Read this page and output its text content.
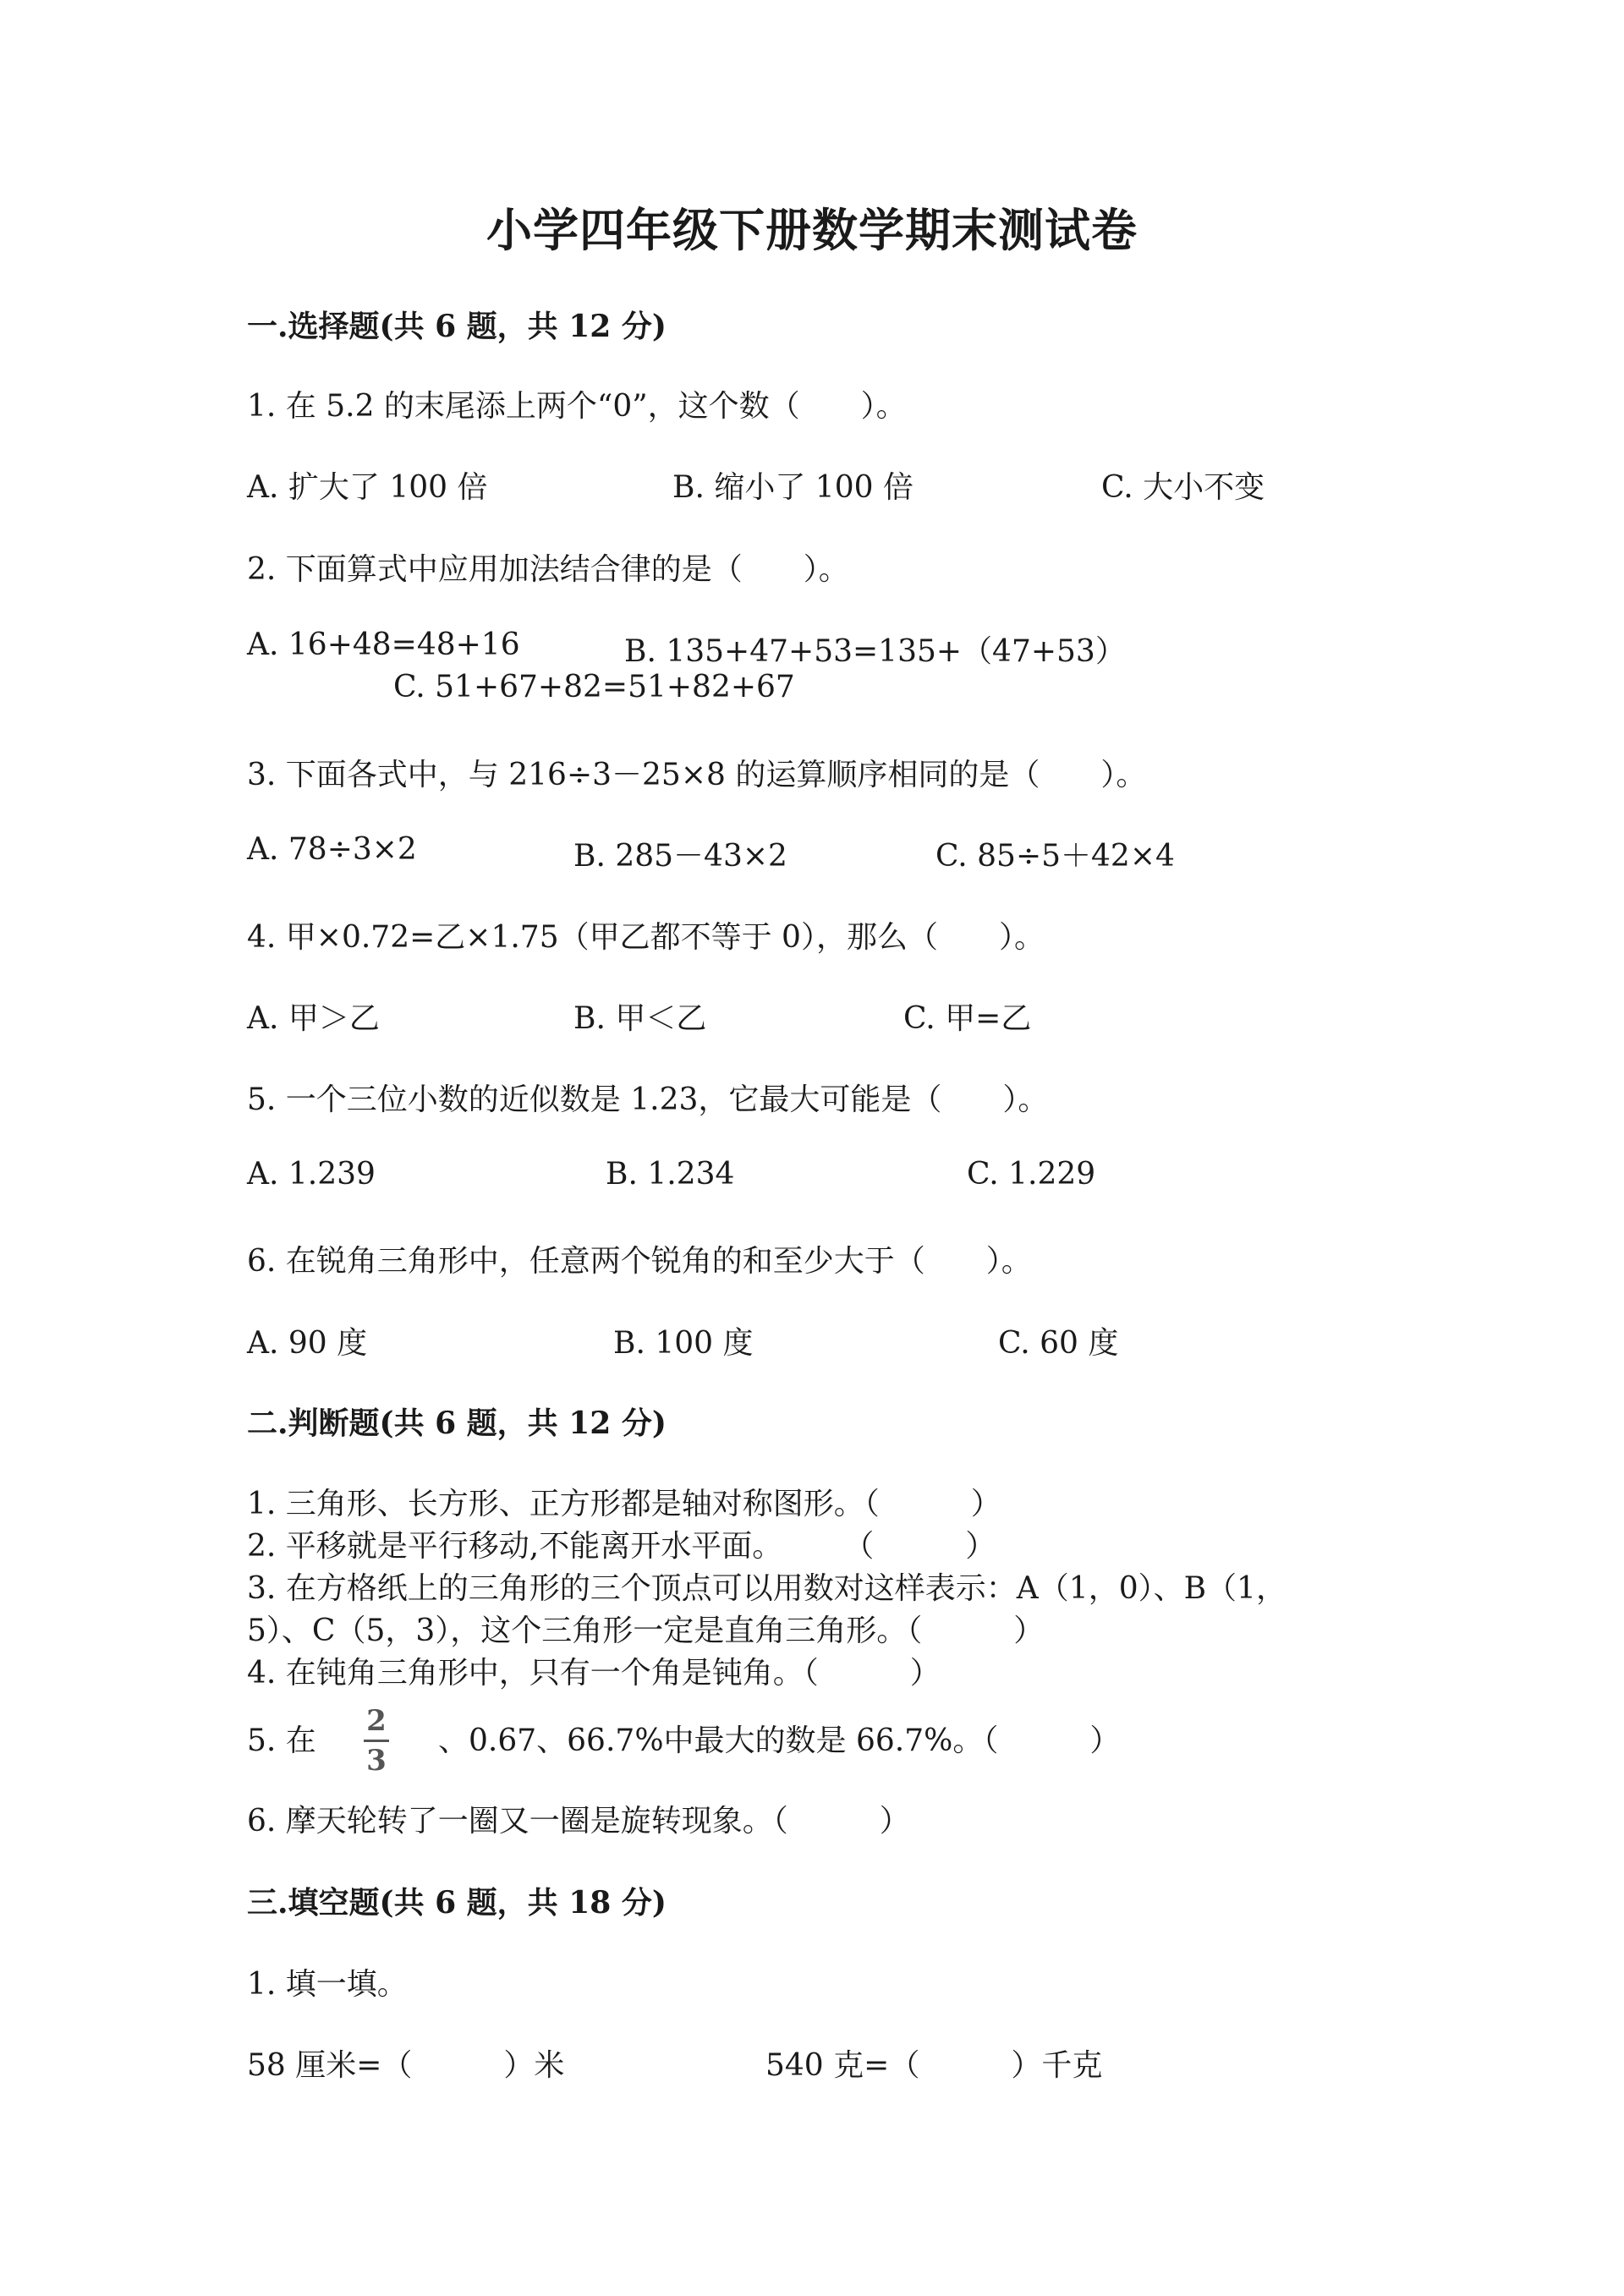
小学四年级下册数学期末测试卷
一.选择题(共 6 题，共 12 分)
1. 在 5.2 的末尾添上两个“0”，这个数（　　）。
A. 扩大了 100 倍	B. 缩小了 100 倍	C. 大小不变
2. 下面算式中应用加法结合律的是（　　）。
A. 16+48=48+16	B. 135+47+53=135+（47+53）
C. 51+67+82=51+82+67
3. 下面各式中，与 216÷3－25×8 的运算顺序相同的是（　　）。
A. 78÷3×2	B. 285－43×2	C. 85÷5＋42×4
4. 甲×0.72=乙×1.75（甲乙都不等于 0），那么（　　）。
A. 甲＞乙	B. 甲＜乙	C. 甲=乙
5. 一个三位小数的近似数是 1.23，它最大可能是（　　）。
A. 1.239	B. 1.234	C. 1.229
6. 在锐角三角形中，任意两个锐角的和至少大于（　　）。
A. 90 度	B. 100 度	C. 60 度
二.判断题(共 6 题，共 12 分)
1. 三角形、长方形、正方形都是轴对称图形。（　　　）
2. 平移就是平行移动,不能离开水平面。　　　（　　　）
3. 在方格纸上的三角形的三个顶点可以用数对这样表示：A（1，0）、B（1，
5）、C（5，3），这个三角形一定是直角三角形。（　　　）
4. 在钝角三角形中，只有一个角是钝角。（　　　）
5. 在
2
3
、0.67、66.7%中最大的数是 66.7%。（　　　）
6. 摩天轮转了一圈又一圈是旋转现象。（　　　）
三.填空题(共 6 题，共 18 分)
1. 填一填。
58 厘米=（　　　）米	540 克=（　　　）千克
